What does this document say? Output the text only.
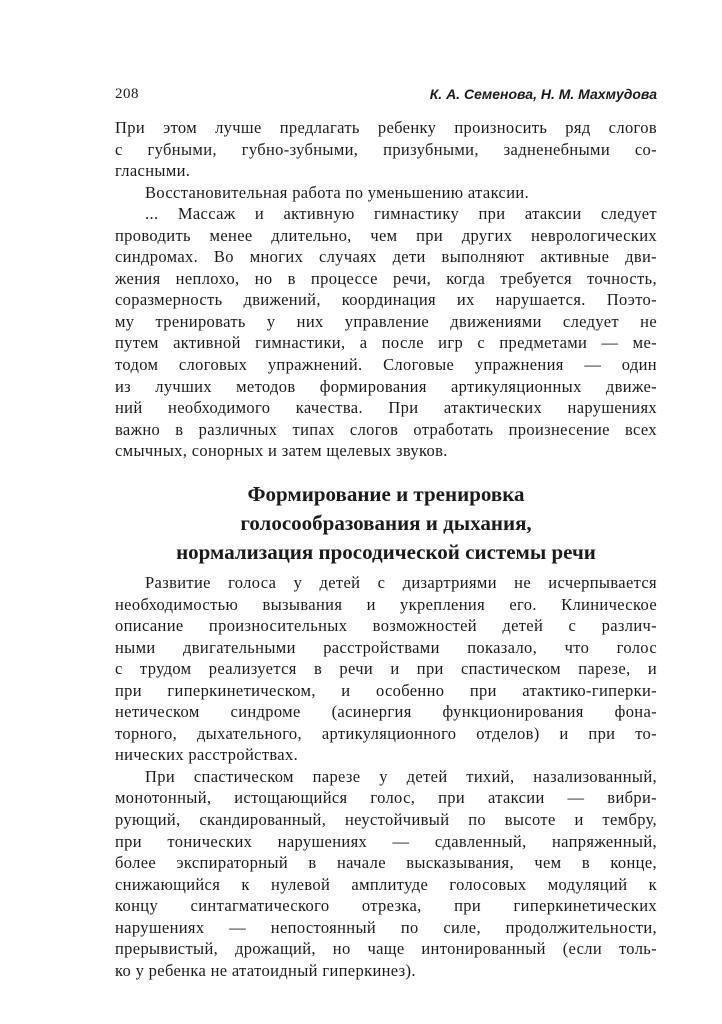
208	К. А. Семенова, Н. М. Махмудова
При этом лучше предлагать ребенку произносить ряд слогов
с губными, губно-зубными, призубными, задненебными со-
гласными.
Восстановительная работа по уменьшению атаксии.
... Массаж и активную гимнастику при атаксии следует
проводить менее длительно, чем при других неврологических
синдромах. Во многих случаях дети выполняют активные дви-
жения неплохо, но в процессе речи, когда требуется точность,
соразмерность движений, координация их нарушается. Поэто-
му тренировать у них управление движениями следует не
путем активной гимнастики, а после игр с предметами — ме-
тодом слоговых упражнений. Слоговые упражнения — один
из лучших методов формирования артикуляционных движе-
ний необходимого качества. При атактических нарушениях
важно в различных типах слогов отработать произнесение всех
смычных, сонорных и затем щелевых звуков.
Формирование и тренировка
голосообразования и дыхания,
нормализация просодической системы речи
Развитие голоса у детей с дизартриями не исчерпывается
необходимостью вызывания и укрепления его. Клиническое
описание произносительных возможностей детей с различ-
ными двигательными расстройствами показало, что голос
с трудом реализуется в речи и при спастическом парезе, и
при гиперкинетическом, и особенно при атактико-гиперки-
нетическом синдроме (асинергия функционирования фона-
торного, дыхательного, артикуляционного отделов) и при то-
нических расстройствах.
При спастическом парезе у детей тихий, назализованный,
монотонный, истощающийся голос, при атаксии — вибри-
рующий, скандированный, неустойчивый по высоте и тембру,
при тонических нарушениях — сдавленный, напряженный,
более экспираторный в начале высказывания, чем в конце,
снижающийся к нулевой амплитуде голосовых модуляций к
концу синтагматического отрезка, при гиперкинетических
нарушениях — непостоянный по силе, продолжительности,
прерывистый, дрожащий, но чаще интонированный (если толь-
ко у ребенка не ататоидный гиперкинез).
